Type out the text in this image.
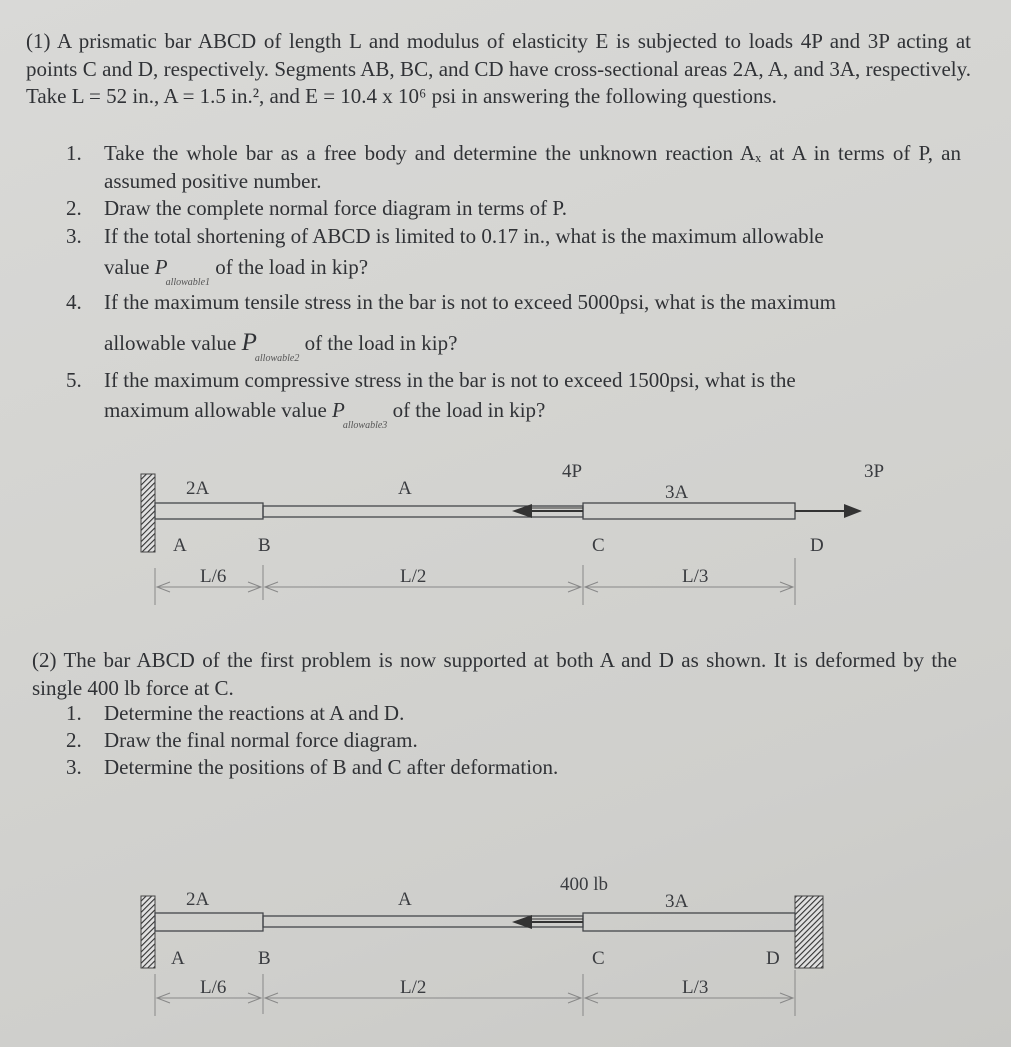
(1) A prismatic bar ABCD of length L and modulus of elasticity E is subjected to loads 4P and 3P acting at points C and D, respectively. Segments AB, BC, and CD have cross-sectional areas 2A, A, and 3A, respectively. Take L = 52 in., A = 1.5 in.², and E = 10.4 x 10⁶ psi in answering the following questions.
1. Take the whole bar as a free body and determine the unknown reaction Aₓ at A in terms of P, an assumed positive number.
2. Draw the complete normal force diagram in terms of P.
3. If the total shortening of ABCD is limited to 0.17 in., what is the maximum allowable
value $P_{allowable1}$ of the load in kip?
4. If the maximum tensile stress in the bar is not to exceed 5000psi, what is the maximum
allowable value $P_{allowable2}$ of the load in kip?
5. If the maximum compressive stress in the bar is not to exceed 1500psi, what is the
maximum allowable value $P_{allowable3}$ of the load in kip?
2A	A	3A
4P	3P
A	B	C	D
L/6	L/2	L/3
(2) The bar ABCD of the first problem is now supported at both A and D as shown. It is deformed by the single 400 lb force at C.
1. Determine the reactions at A and D.
2. Draw the final normal force diagram.
3. Determine the positions of B and C after deformation.
2A	A	3A
400 lb
A	B	C	D
L/6	L/2	L/3
